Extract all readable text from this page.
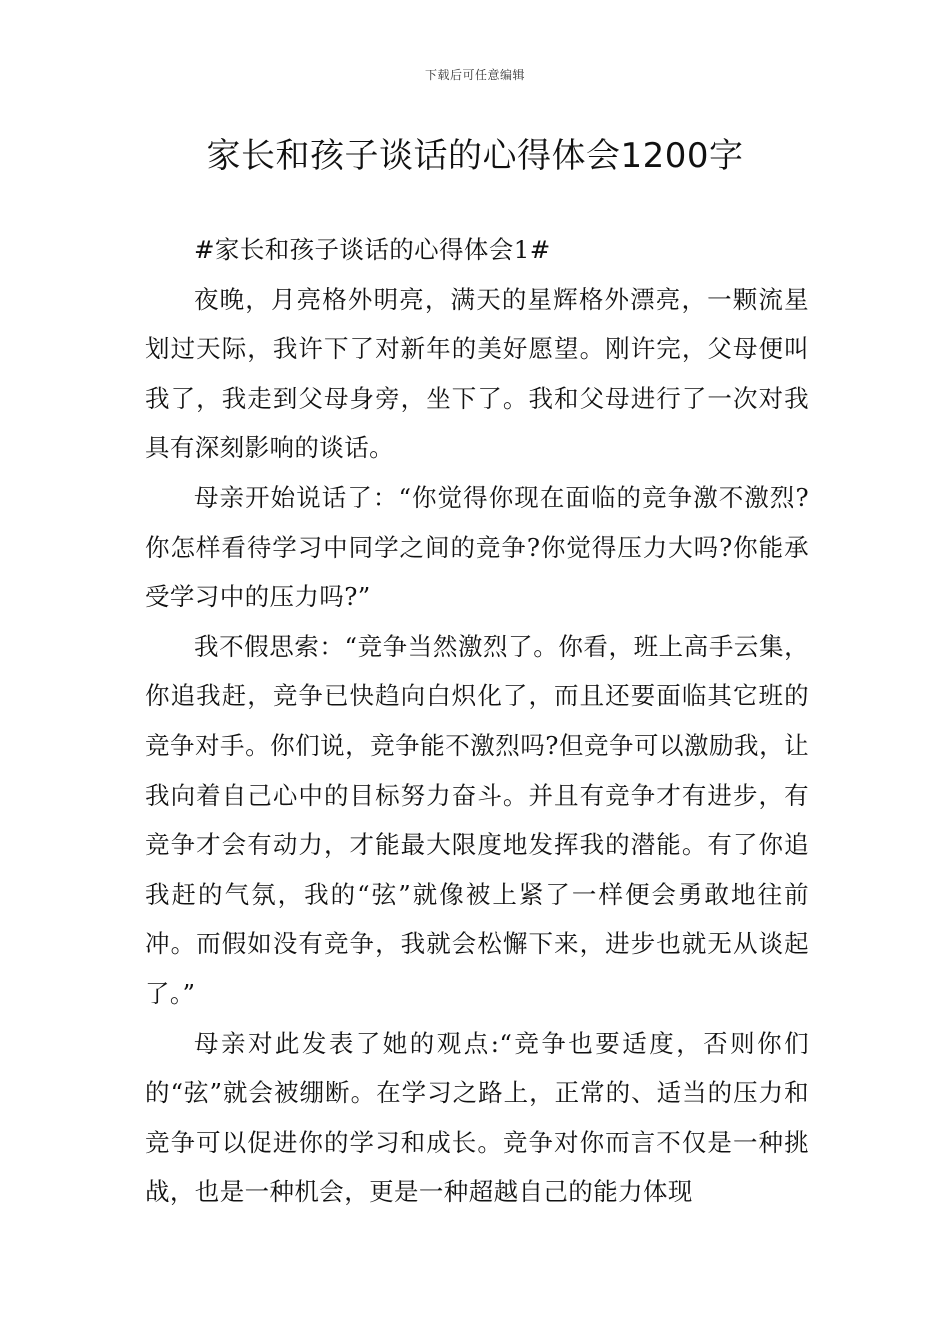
下载后可任意编辑
家长和孩子谈话的心得体会1200字

#家长和孩子谈话的心得体会1#

夜晚，月亮格外明亮，满天的星辉格外漂亮，一颗流星划过天际，我许下了对新年的美好愿望。刚许完，父母便叫我了，我走到父母身旁，坐下了。我和父母进行了一次对我具有深刻影响的谈话。

母亲开始说话了：“你觉得你现在面临的竞争激不激烈?你怎样看待学习中同学之间的竞争?你觉得压力大吗?你能承受学习中的压力吗?”

我不假思索：“竞争当然激烈了。你看，班上高手云集，你追我赶，竞争已快趋向白炽化了，而且还要面临其它班的竞争对手。你们说，竞争能不激烈吗?但竞争可以激励我，让我向着自己心中的目标努力奋斗。并且有竞争才有进步，有竞争才会有动力，才能最大限度地发挥我的潜能。有了你追我赶的气氛，我的“弦”就像被上紧了一样便会勇敢地往前冲。而假如没有竞争，我就会松懈下来，进步也就无从谈起了。”

母亲对此发表了她的观点:“竞争也要适度，否则你们的“弦”就会被绷断。在学习之路上，正常的、适当的压力和竞争可以促进你的学习和成长。竞争对你而言不仅是一种挑战，也是一种机会，更是一种超越自己的能力体现
